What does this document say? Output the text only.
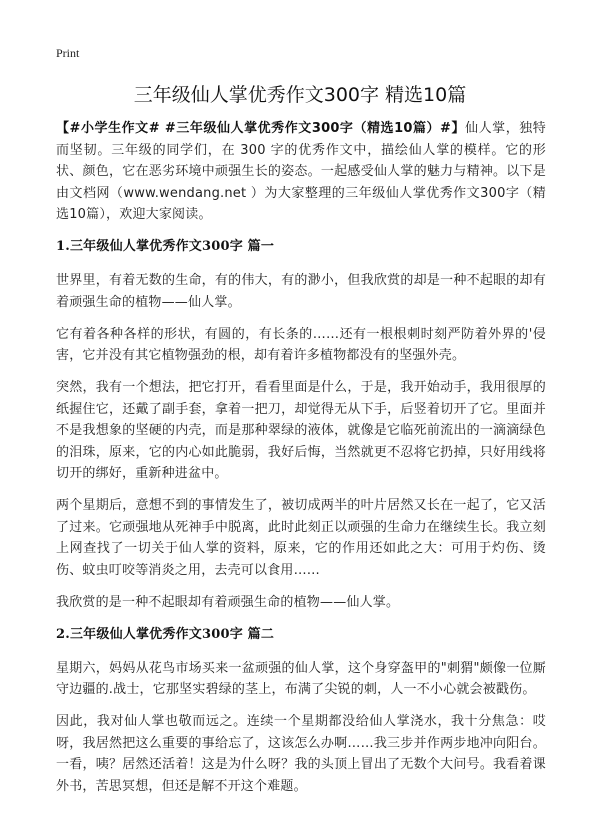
Print
三年级仙人掌优秀作文300字 精选10篇

【#小学生作文# #三年级仙人掌优秀作文300字（精选10篇）#】仙人掌，独特而坚韧。三年级的同学们，在 300 字的优秀作文中，描绘仙人掌的模样。它的形状、颜色，它在恶劣环境中顽强生长的姿态。一起感受仙人掌的魅力与精神。以下是由文档网（www.wendang.net ）为大家整理的三年级仙人掌优秀作文300字（精选10篇），欢迎大家阅读。

1.三年级仙人掌优秀作文300字 篇一

世界里，有着无数的生命，有的伟大，有的渺小，但我欣赏的却是一种不起眼的却有着顽强生命的植物——仙人掌。

它有着各种各样的形状，有圆的，有长条的……还有一根根刺时刻严防着外界的'侵害，它并没有其它植物强劲的根，却有着许多植物都没有的坚强外壳。

突然，我有一个想法，把它打开，看看里面是什么，于是，我开始动手，我用很厚的纸握住它，还戴了副手套，拿着一把刀，却觉得无从下手，后竖着切开了它。里面并不是我想象的坚硬的内壳，而是那种翠绿的液体，就像是它临死前流出的一滴滴绿色的泪珠，原来，它的内心如此脆弱，我好后悔，当然就更不忍将它扔掉，只好用线将切开的绑好，重新种进盆中。

两个星期后，意想不到的事情发生了，被切成两半的叶片居然又长在一起了，它又活了过来。它顽强地从死神手中脱离，此时此刻正以顽强的生命力在继续生长。我立刻上网查找了一切关于仙人掌的资料，原来，它的作用还如此之大：可用于灼伤、烫伤、蚊虫叮咬等消炎之用，去壳可以食用……

我欣赏的是一种不起眼却有着顽强生命的植物——仙人掌。

2.三年级仙人掌优秀作文300字 篇二

星期六，妈妈从花鸟市场买来一盆顽强的仙人掌，这个身穿盔甲的"刺猬"颇像一位厮守边疆的.战士，它那坚实碧绿的茎上，布满了尖锐的刺，人一不小心就会被戳伤。

因此，我对仙人掌也敬而远之。连续一个星期都没给仙人掌浇水，我十分焦急：哎呀，我居然把这么重要的事给忘了，这该怎么办啊……我三步并作两步地冲向阳台。一看，咦？居然还活着！这是为什么呀？我的头顶上冒出了无数个大问号。我看着课外书，苦思冥想，但还是解不开这个难题。
